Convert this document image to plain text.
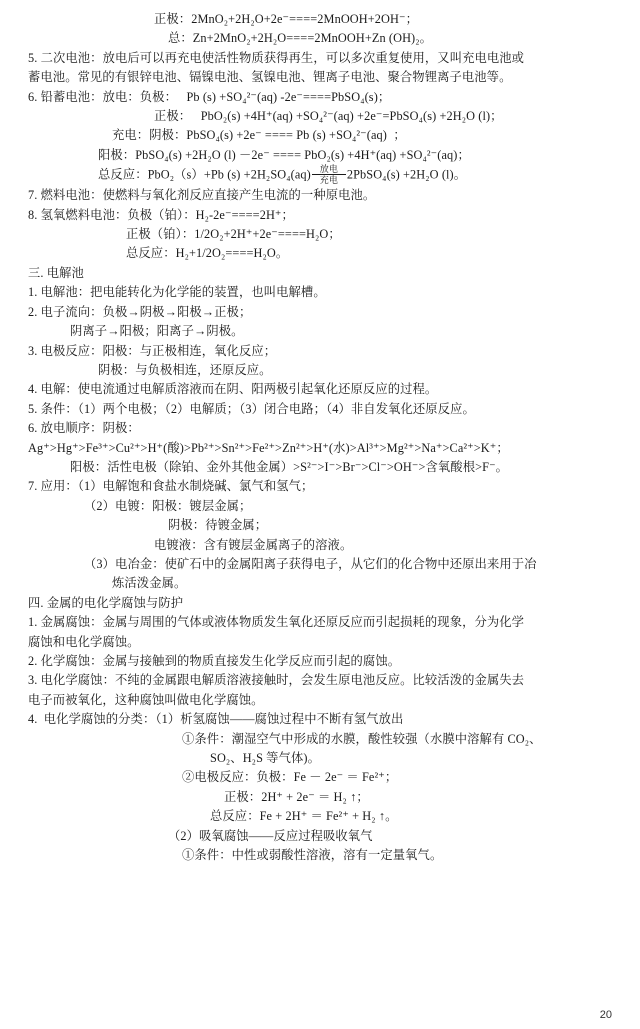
正极：2MnO₂+2H₂O+2e⁻====2MnOOH+2OH⁻；
总：Zn+2MnO₂+2H₂O====2MnOOH+Zn (OH)₂。
5. 二次电池：放电后可以再充电使活性物质获得再生，可以多次重复使用，又叫充电电池或
蓄电池。常见的有银锌电池、镉镍电池、氢镍电池、锂离子电池、聚合物锂离子电池等。
6. 铅蓄电池：放电：负极：   Pb (s) +SO₄²⁻(aq) -2e⁻====PbSO₄(s)；
正极：   PbO₂(s) +4H⁺(aq) +SO₄²⁻(aq) +2e⁻=PbSO₄(s) +2H₂O (l)；
充电：阴极：PbSO₄(s) +2e⁻ ==== Pb (s) +SO₄²⁻(aq)  ；
阳极：PbSO₄(s) +2H₂O (l) －2e⁻ ==== PbO₂(s) +4H⁺(aq) +SO₄²⁻(aq)；
总反应：PbO₂（s）+Pb (s) +2H₂SO₄(aq) 放电
充电 2PbSO₄(s) +2H₂O (l)。
7. 燃料电池：使燃料与氧化剂反应直接产生电流的一种原电池。
8. 氢氧燃料电池：负极（铂）：H₂-2e⁻====2H⁺；
正极（铂）：1/2O₂+2H⁺+2e⁻====H₂O；
总反应：H₂+1/2O₂====H₂O。
三. 电解池
1. 电解池：把电能转化为化学能的装置，也叫电解槽。
2. 电子流向：负极→阴极→阳极→正极；
阴离子→阳极；阳离子→阴极。
3. 电极反应：阳极：与正极相连，氧化反应；
阴极：与负极相连，还原反应。
4. 电解：使电流通过电解质溶液而在阴、阳两极引起氧化还原反应的过程。
5. 条件：（1）两个电极；（2）电解质；（3）闭合电路；（4）非自发氧化还原反应。
6. 放电顺序：阴极：Ag⁺>Hg⁺>Fe³⁺>Cu²⁺>H⁺(酸)>Pb²⁺>Sn²⁺>Fe²⁺>Zn²⁺>H⁺(水)>Al³⁺>Mg²⁺>Na⁺>Ca²⁺>K⁺；
阳极：活性电极（除铂、金外其他金属）>S²⁻>I⁻>Br⁻>Cl⁻>OH⁻>含氧酸根>F⁻。
7. 应用：（1）电解饱和食盐水制烧碱、氯气和氢气；
（2）电镀：阳极：镀层金属；
阴极：待镀金属；
电镀液：含有镀层金属离子的溶液。
（3）电冶金：使矿石中的金属阳离子获得电子，从它们的化合物中还原出来用于冶
炼活泼金属。
四. 金属的电化学腐蚀与防护
1. 金属腐蚀：金属与周围的气体或液体物质发生氧化还原反应而引起损耗的现象，分为化学
腐蚀和电化学腐蚀。
2. 化学腐蚀：金属与接触到的物质直接发生化学反应而引起的腐蚀。
3. 电化学腐蚀：不纯的金属跟电解质溶液接触时，会发生原电池反应。比较活泼的金属失去
电子而被氧化，这种腐蚀叫做电化学腐蚀。
4.  电化学腐蚀的分类：（1）析氢腐蚀——腐蚀过程中不断有氢气放出
①条件：潮湿空气中形成的水膜，酸性较强（水膜中溶解有 CO₂、
SO₂、H₂S 等气体)。
②电极反应：负极：Fe － 2e⁻ ＝ Fe²⁺；
正极：2H⁺ + 2e⁻ ＝ H₂ ↑；
总反应：Fe + 2H⁺ ＝ Fe²⁺ + H₂ ↑。
（2）吸氧腐蚀——反应过程吸收氧气
①条件：中性或弱酸性溶液，溶有一定量氧气。
20
